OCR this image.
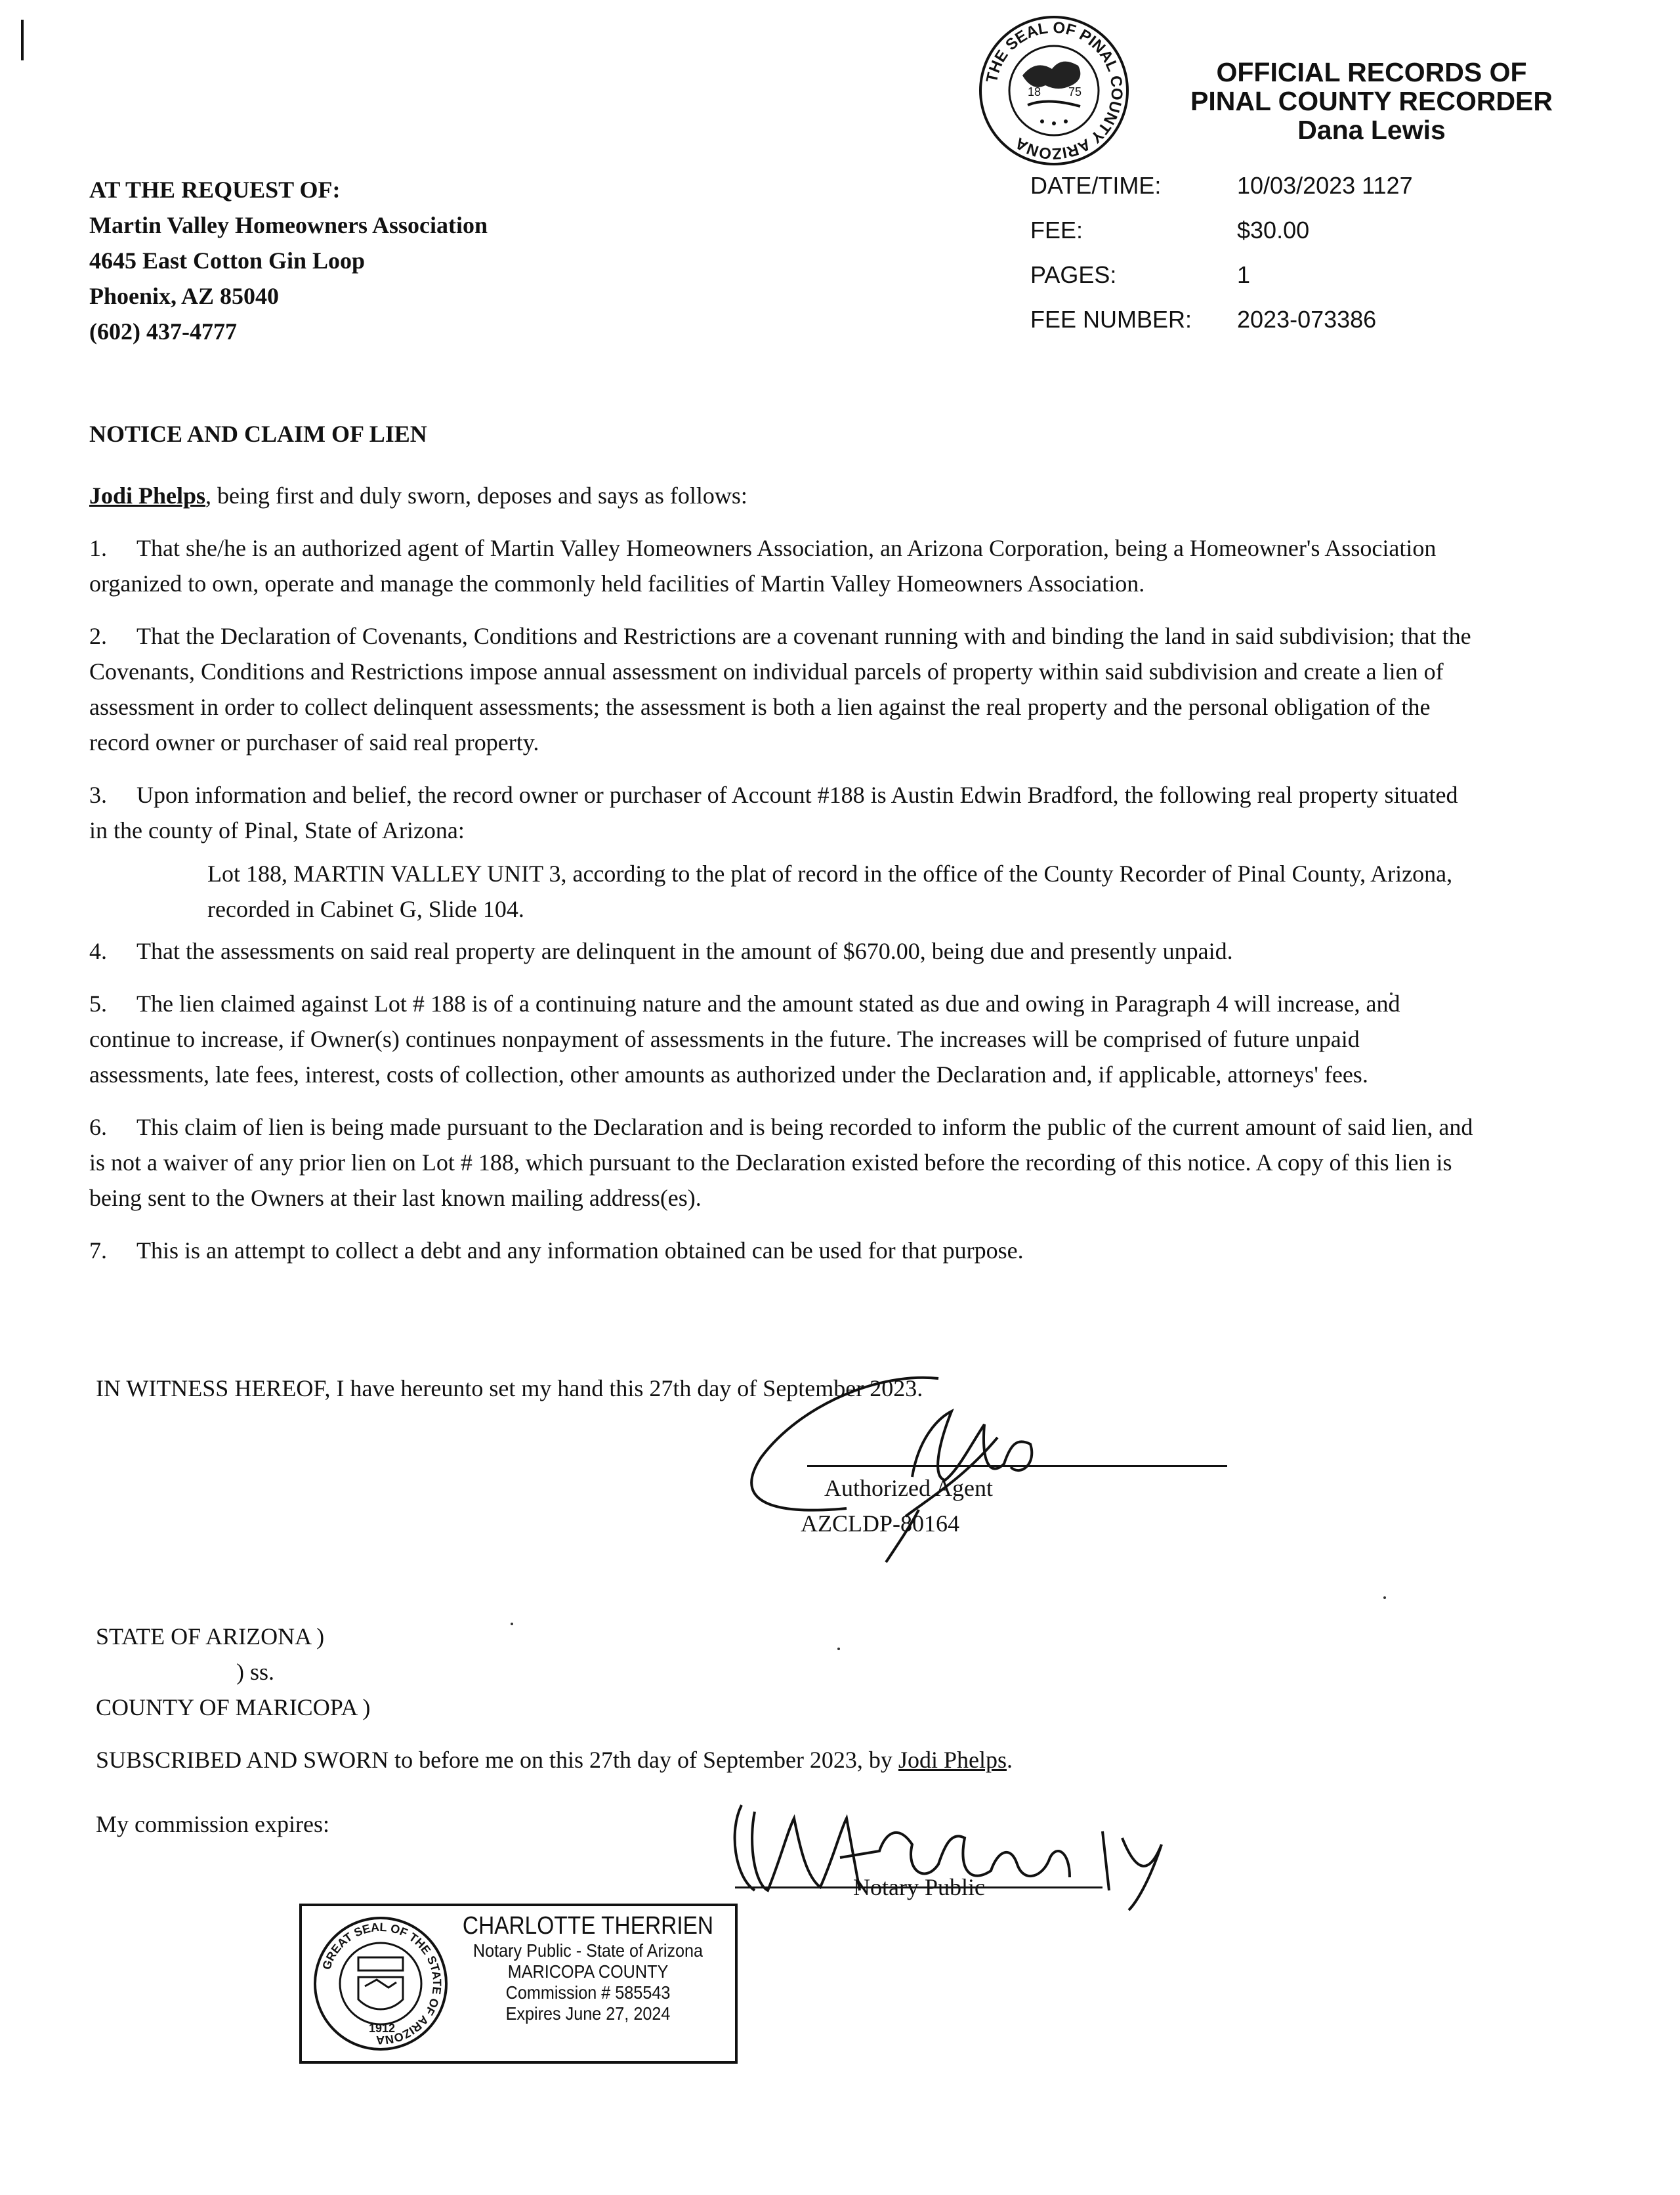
THE SEAL OF PINAL COUNTY ARIZONA
18 75
OFFICIAL RECORDS OF
PINAL COUNTY RECORDER
Dana Lewis
AT THE REQUEST OF:
Martin Valley Homeowners Association
4645 East Cotton Gin Loop
Phoenix, AZ 85040
(602) 437-4777
DATE/TIME:	10/03/2023 1127
FEE:	$30.00
PAGES:	1
FEE NUMBER:	2023-073386
NOTICE AND CLAIM OF LIEN

Jodi Phelps, being first and duly sworn, deposes and says as follows:

1. That she/he is an authorized agent of Martin Valley Homeowners Association, an Arizona Corporation, being a Homeowner's Association organized to own, operate and manage the commonly held facilities of Martin Valley Homeowners Association.

2. That the Declaration of Covenants, Conditions and Restrictions are a covenant running with and binding the land in said subdivision; that the Covenants, Conditions and Restrictions impose annual assessment on individual parcels of property within said subdivision and create a lien of assessment in order to collect delinquent assessments; the assessment is both a lien against the real property and the personal obligation of the record owner or purchaser of said real property.

3. Upon information and belief, the record owner or purchaser of Account #188 is Austin Edwin Bradford, the following real property situated in the county of Pinal, State of Arizona:

Lot 188, MARTIN VALLEY UNIT 3, according to the plat of record in the office of the County Recorder of Pinal County, Arizona, recorded in Cabinet G, Slide 104.

4. That the assessments on said real property are delinquent in the amount of $670.00, being due and presently unpaid.

5. The lien claimed against Lot # 188 is of a continuing nature and the amount stated as due and owing in Paragraph 4 will increase, and continue to increase, if Owner(s) continues nonpayment of assessments in the future. The increases will be comprised of future unpaid assessments, late fees, interest, costs of collection, other amounts as authorized under the Declaration and, if applicable, attorneys' fees.

6. This claim of lien is being made pursuant to the Declaration and is being recorded to inform the public of the current amount of said lien, and is not a waiver of any prior lien on Lot # 188, which pursuant to the Declaration existed before the recording of this notice. A copy of this lien is being sent to the Owners at their last known mailing address(es).

7. This is an attempt to collect a debt and any information obtained can be used for that purpose.

IN WITNESS HEREOF, I have hereunto set my hand this 27th day of September 2023.
Authorized Agent
AZCLDP-80164
STATE OF ARIZONA )
) ss.
COUNTY OF MARICOPA )
SUBSCRIBED AND SWORN to before me on this 27th day of September 2023, by Jodi Phelps.
My commission expires:
Notary Public
GREAT SEAL OF THE STATE OF ARIZONA
1912
CHARLOTTE THERRIEN
Notary Public - State of Arizona
MARICOPA COUNTY
Commission # 585543
Expires June 27, 2024
